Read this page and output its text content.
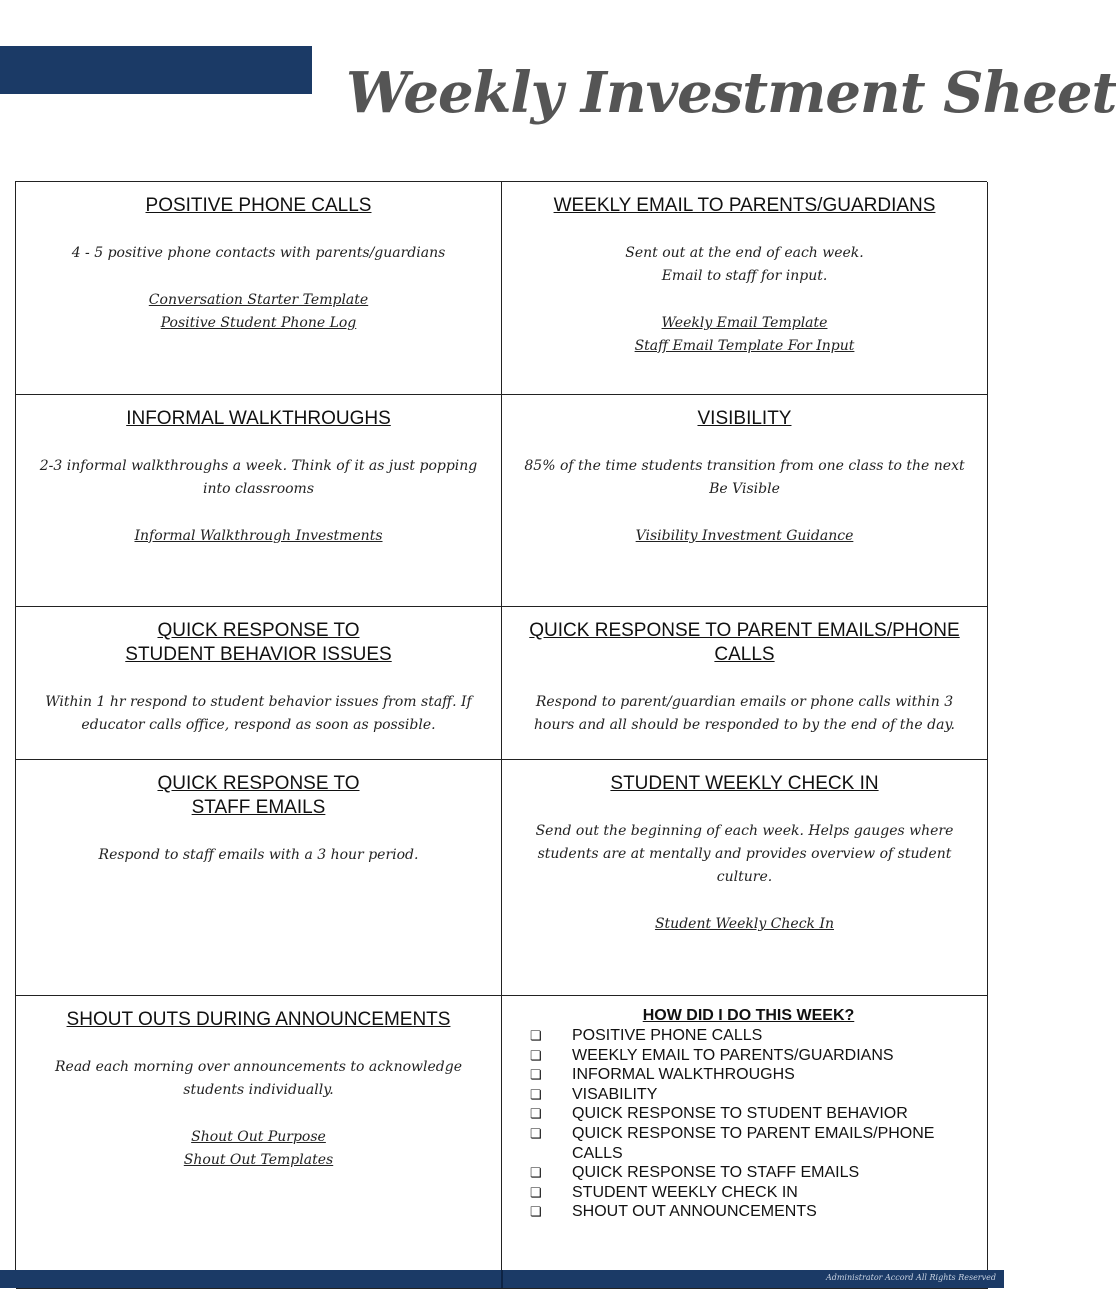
Weekly Investment Sheet

POSITIVE PHONE CALLS

4 - 5 positive phone contacts with parents/guardians

Conversation Starter Template
Positive Student Phone Log

WEEKLY EMAIL TO PARENTS/GUARDIANS

Sent out at the end of each week.
Email to staff for input.

Weekly Email Template
Staff Email Template For Input

INFORMAL WALKTHROUGHS

2-3 informal walkthroughs a week. Think of it as just popping into classrooms

Informal Walkthrough Investments

VISIBILITY

85% of the time students transition from one class to the next
Be Visible

Visibility Investment Guidance

QUICK RESPONSE TO
STUDENT BEHAVIOR ISSUES

Within 1 hr respond to student behavior issues from staff. If educator calls office, respond as soon as possible.

QUICK RESPONSE TO PARENT EMAILS/PHONE CALLS

Respond to parent/guardian emails or phone calls within 3 hours and all should be responded to by the end of the day.

QUICK RESPONSE TO
STAFF EMAILS

Respond to staff emails with a 3 hour period.

STUDENT WEEKLY CHECK IN

Send out the beginning of each week. Helps gauges where students are at mentally and provides overview of student culture.

Student Weekly Check In

SHOUT OUTS DURING ANNOUNCEMENTS

Read each morning over announcements to acknowledge students individually.

Shout Out Purpose
Shout Out Templates

HOW DID I DO THIS WEEK?

❏	POSITIVE PHONE CALLS
❏	WEEKLY EMAIL TO PARENTS/GUARDIANS
❏	INFORMAL WALKTHROUGHS
❏	VISABILITY
❏	QUICK RESPONSE TO STUDENT BEHAVIOR
❏	QUICK RESPONSE TO PARENT EMAILS/PHONE CALLS
❏	QUICK RESPONSE TO STAFF EMAILS
❏	STUDENT WEEKLY CHECK IN
❏	SHOUT OUT ANNOUNCEMENTS
Administrator Accord All Rights Reserved
